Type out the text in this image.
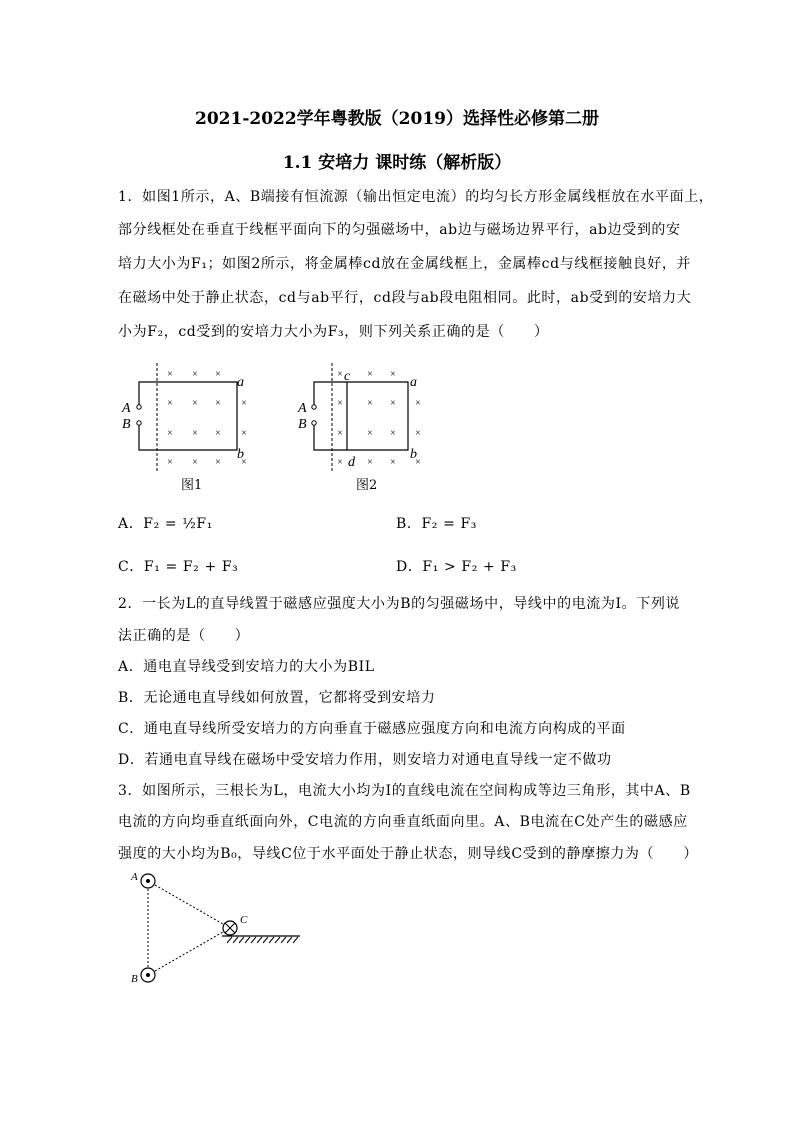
2021-2022学年粤教版（2019）选择性必修第二册
1.1 安培力 课时练（解析版）
1．如图1所示，A、B端接有恒流源（输出恒定电流）的均匀长方形金属线框放在水平面上，
部分线框处在垂直于线框平面向下的匀强磁场中，ab边与磁场边界平行，ab边受到的安
培力大小为F₁；如图2所示，将金属棒cd放在金属线框上，金属棒cd与线框接触良好，并
在磁场中处于静止状态，cd与ab平行，cd段与ab段电阻相同。此时，ab受到的安培力大
小为F₂，cd受到的安培力大小为F₃，则下列关系正确的是（　　）
× × ×
× × × ×
× × × ×
× × × ×
A
B
a
b
图1
× × ×
× × × ×
× × × ×
× × × ×
A
B
a
b
c
d
图2
A．F₂ = ½F₁	B．F₂ = F₃
C．F₁ = F₂ + F₃	D．F₁ > F₂ + F₃
2．一长为L的直导线置于磁感应强度大小为B的匀强磁场中，导线中的电流为I。下列说
法正确的是（　　）
A．通电直导线受到安培力的大小为BIL
B．无论通电直导线如何放置，它都将受到安培力
C．通电直导线所受安培力的方向垂直于磁感应强度方向和电流方向构成的平面
D．若通电直导线在磁场中受安培力作用，则安培力对通电直导线一定不做功
3．如图所示，三根长为L，电流大小均为I的直线电流在空间构成等边三角形，其中A、B
电流的方向均垂直纸面向外，C电流的方向垂直纸面向里。A、B电流在C处产生的磁感应
强度的大小均为B₀，导线C位于水平面处于静止状态，则导线C受到的静摩擦力为（　　）
A
B
C
